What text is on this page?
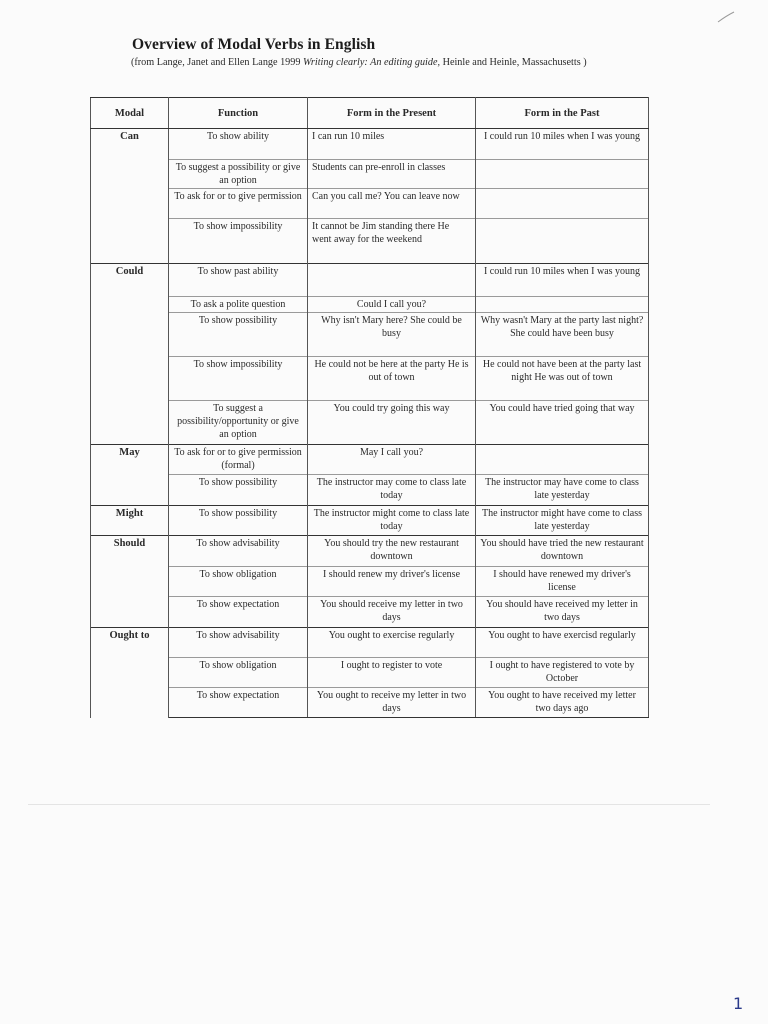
Overview of Modal Verbs in English
(from Lange, Janet and Ellen Lange 1999 Writing clearly: An editing guide, Heinle and Heinle, Massachusetts )
Modal	Function	Form in the Present	Form in the Past
Can	To show ability	I can run 10 miles	I could run 10 miles when I was young
	To suggest a possibility or give an option	Students can pre-enroll in classes	
	To ask for or to give permission	Can you call me? You can leave now	
	To show impossibility	It cannot be Jim standing there He went away for the weekend	
Could	To show past ability		I could run 10 miles when I was young
	To ask a polite question	Could I call you?	
	To show possibility	Why isn't Mary here? She could be busy	Why wasn't Mary at the party last night? She could have been busy
	To show impossibility	He could not be here at the party He is out of town	He could not have been at the party last night He was out of town
	To suggest a possibility/opportunity or give an option	You could try going this way	You could have tried going that way
May	To ask for or to give permission (formal)	May I call you?	
	To show possibility	The instructor may come to class late today	The instructor may have come to class late yesterday
Might	To show possibility	The instructor might come to class late today	The instructor might have come to class late yesterday
Should	To show advisability	You should try the new restaurant downtown	You should have tried the new restaurant downtown
	To show obligation	I should renew my driver's license	I should have renewed my driver's license
	To show expectation	You should receive my letter in two days	You should have received my letter in two days
Ought to	To show advisability	You ought to exercise regularly	You ought to have exercisd regularly
	To show obligation	I ought to register to vote	I ought to have registered to vote by October
	To show expectation	You ought to receive my letter in two days	You ought to have received my letter two days ago
1
